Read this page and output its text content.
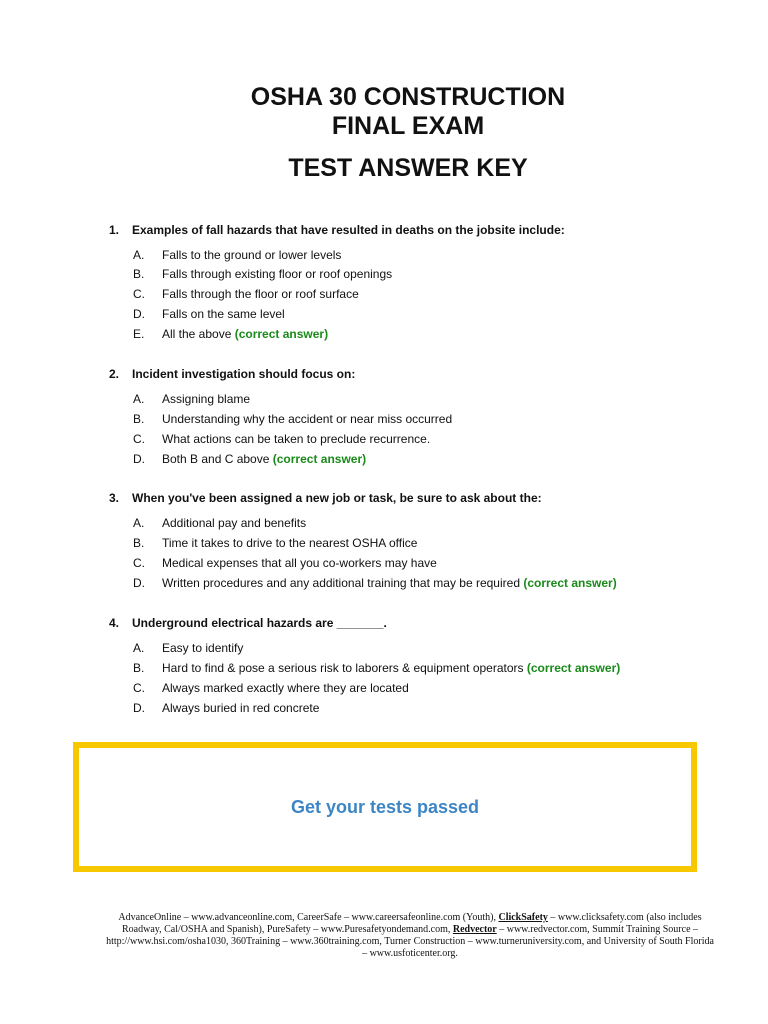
OSHA 30 CONSTRUCTION
FINAL EXAM
TEST ANSWER KEY
1. Examples of fall hazards that have resulted in deaths on the jobsite include:
A. Falls to the ground or lower levels
B. Falls through existing floor or roof openings
C. Falls through the floor or roof surface
D. Falls on the same level
E. All the above (correct answer)
2. Incident investigation should focus on:
A. Assigning blame
B. Understanding why the accident or near miss occurred
C. What actions can be taken to preclude recurrence.
D. Both B and C above (correct answer)
3. When you've been assigned a new job or task, be sure to ask about the:
A. Additional pay and benefits
B. Time it takes to drive to the nearest OSHA office
C. Medical expenses that all you co-workers may have
D. Written procedures and any additional training that may be required (correct answer)
4. Underground electrical hazards are _______.
A. Easy to identify
B. Hard to find & pose a serious risk to laborers & equipment operators (correct answer)
C. Always marked exactly where they are located
D. Always buried in red concrete
Get your tests passed
AdvanceOnline – www.advanceonline.com, CareerSafe – www.careersafeonline.com (Youth), ClickSafety – www.clicksafety.com (also includes Roadway, Cal/OSHA and Spanish), PureSafety – www.Puresafetyondemand.com, Redvector – www.redvector.com, Summit Training Source – http://www.hsi.com/osha1030, 360Training – www.360training.com, Turner Construction – www.turneruniversity.com, and University of South Florida – www.usfoticenter.org.
